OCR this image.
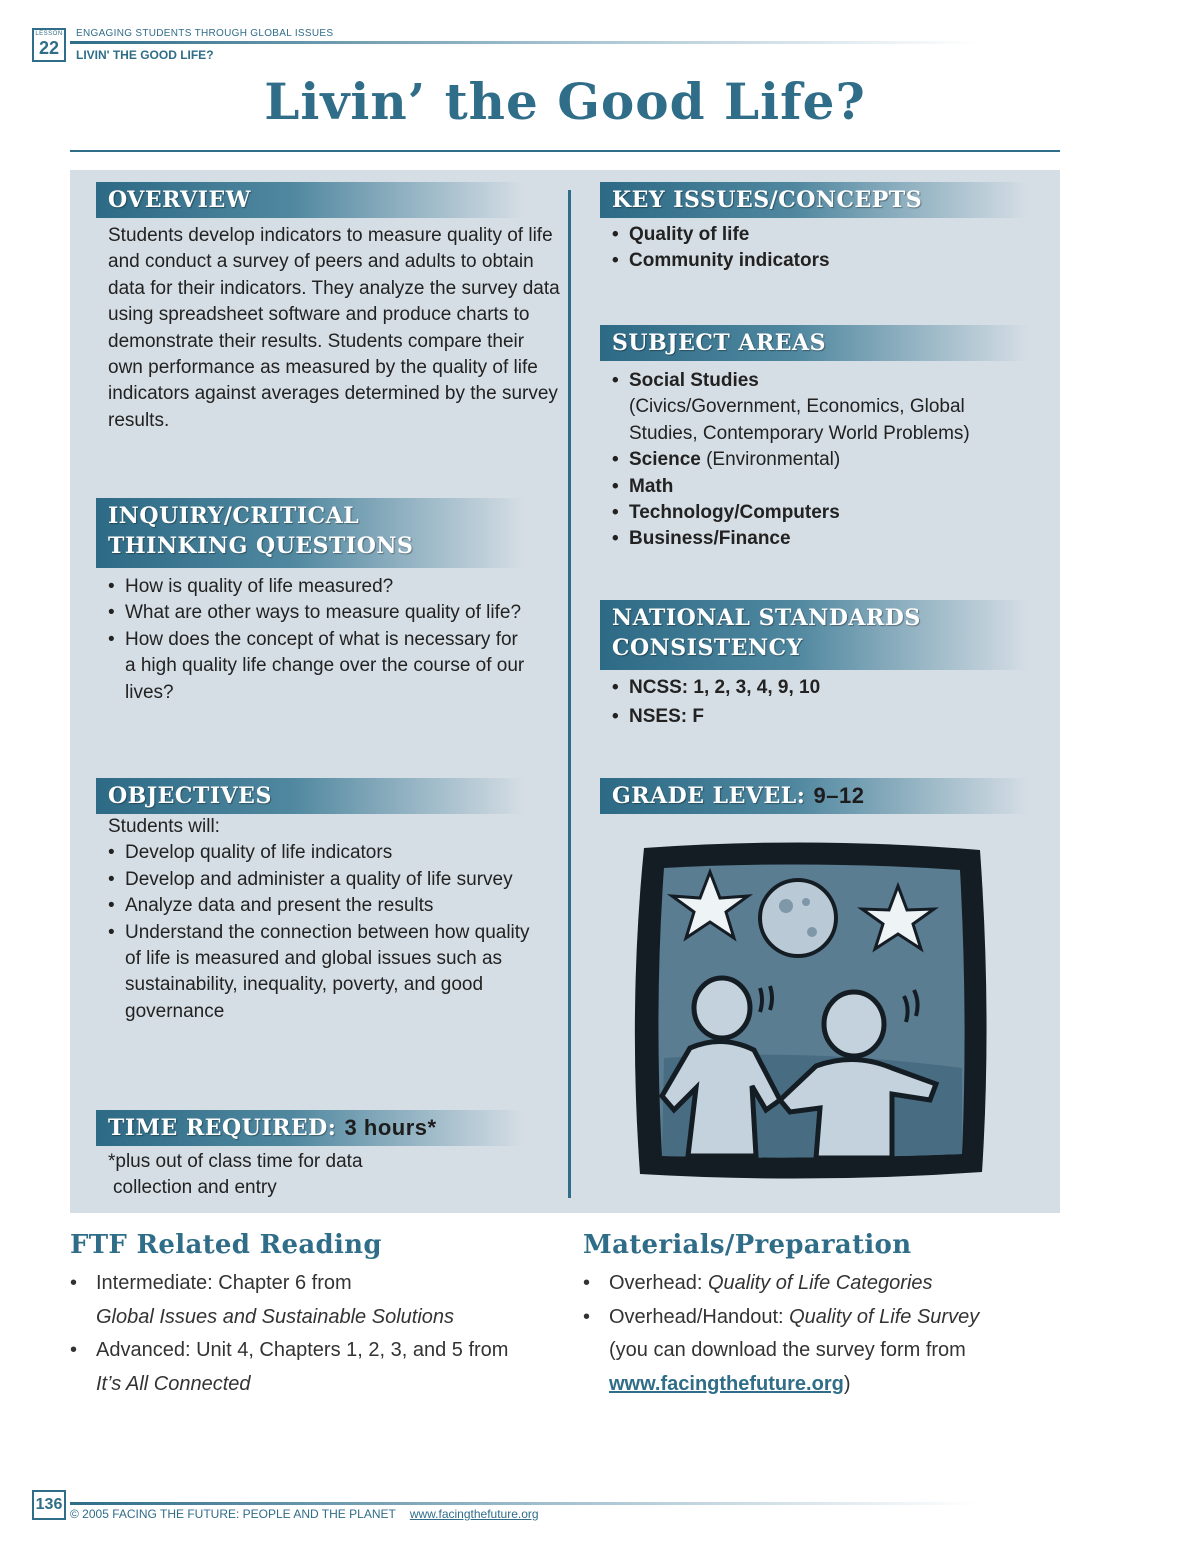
LESSON
22
ENGAGING STUDENTS THROUGH GLOBAL ISSUES
LIVIN' THE GOOD LIFE?
Livin’ the Good Life?
OVERVIEW

Students develop indicators to measure quality of life and conduct a survey of peers and adults to obtain data for their indicators. They analyze the survey data using spreadsheet software and produce charts to demonstrate their results. Students compare their own performance as measured by the quality of life indicators against averages determined by the survey results.

INQUIRY/CRITICAL
THINKING QUESTIONS
• How is quality of life measured?
• What are other ways to measure quality of life?
• How does the concept of what is necessary for a high quality life change over the course of our lives?
OBJECTIVES
Students will:
• Develop quality of life indicators
• Develop and administer a quality of life survey
• Analyze data and present the results
• Understand the connection between how quality of life is measured and global issues such as sustainability, inequality, poverty, and good governance
TIME REQUIRED: 3 hours*
*plus out of class time for data
collection and entry
KEY ISSUES/CONCEPTS
• Quality of life
• Community indicators
SUBJECT AREAS
• Social Studies
(Civics/Government, Economics, Global Studies, Contemporary World Problems)
• Science (Environmental)
• Math
• Technology/Computers
• Business/Finance
NATIONAL STANDARDS
CONSISTENCY
• NCSS: 1, 2, 3, 4, 9, 10
• NSES: F
GRADE LEVEL: 9–12
FTF Related Reading
• Intermediate: Chapter 6 from
Global Issues and Sustainable Solutions
• Advanced: Unit 4, Chapters 1, 2, 3, and 5 from
It’s All Connected
Materials/Preparation
• Overhead: Quality of Life Categories
• Overhead/Handout: Quality of Life Survey
(you can download the survey form from
www.facingthefuture.org)
136
© 2005 FACING THE FUTURE: PEOPLE AND THE PLANET www.facingthefuture.org
